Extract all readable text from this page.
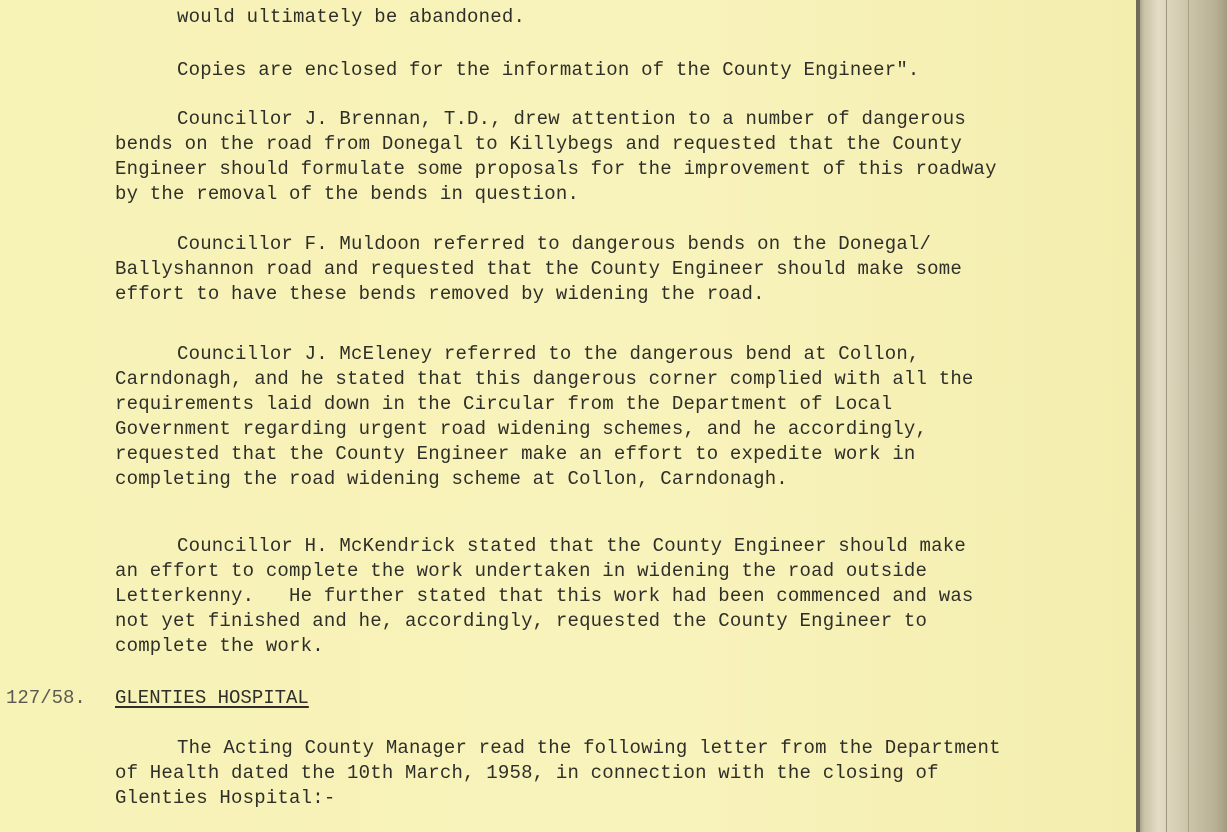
would ultimately be abandoned.
Copies are enclosed for the information of the County Engineer".
Councillor J. Brennan, T.D., drew attention to a number of dangerous
bends on the road from Donegal to Killybegs and requested that the County
Engineer should formulate some proposals for the improvement of this roadway
by the removal of the bends in question.
Councillor F. Muldoon referred to dangerous bends on the Donegal/
Ballyshannon road and requested that the County Engineer should make some
effort to have these bends removed by widening the road.
Councillor J. McEleney referred to the dangerous bend at Collon,
Carndonagh, and he stated that this dangerous corner complied with all the
requirements laid down in the Circular from the Department of Local
Government regarding urgent road widening schemes, and he accordingly,
requested that the County Engineer make an effort to expedite work in
completing the road widening scheme at Collon, Carndonagh.
Councillor H. McKendrick stated that the County Engineer should make
an effort to complete the work undertaken in widening the road outside
Letterkenny.   He further stated that this work had been commenced and was
not yet finished and he, accordingly, requested the County Engineer to
complete the work.
127/58. GLENTIES HOSPITAL
The Acting County Manager read the following letter from the Department
of Health dated the 10th March, 1958, in connection with the closing of
Glenties Hospital:-
